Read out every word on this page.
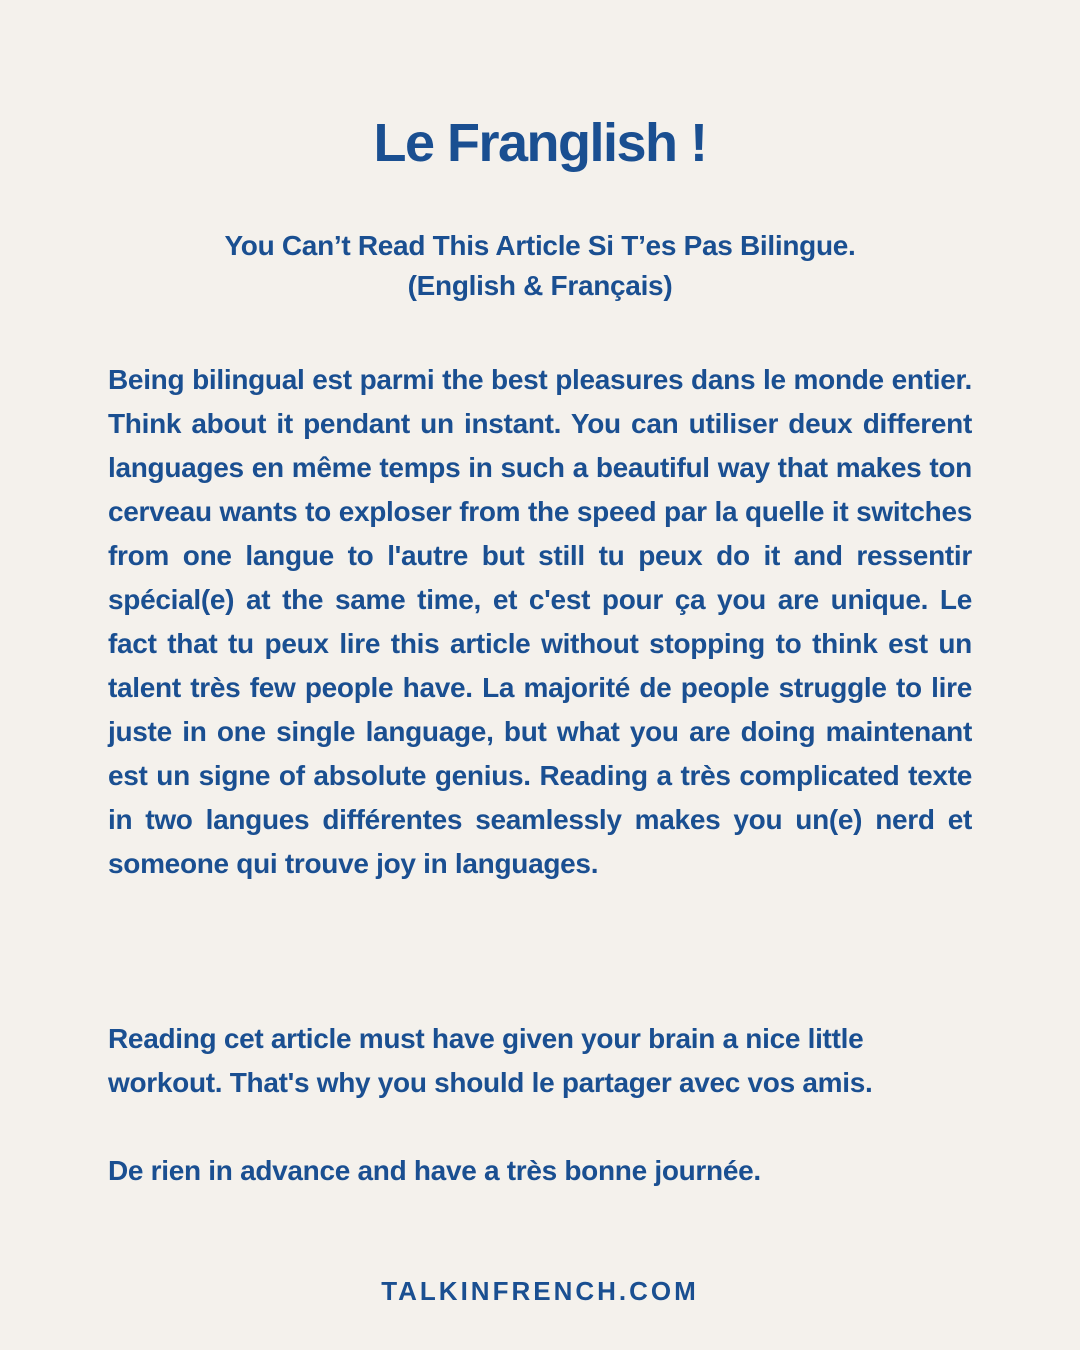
Le Franglish !
You Can’t Read This Article Si T’es Pas Bilingue.
(English & Français)

Being bilingual est parmi the best pleasures dans le monde entier. Think about it pendant un instant. You can utiliser deux different languages en même temps in such a beautiful way that makes ton cerveau wants to exploser from the speed par la quelle it switches from one langue to l'autre but still tu peux do it and ressentir spécial(e) at the same time, et c'est pour ça you are unique. Le fact that tu peux lire this article without stopping to think est un talent très few people have. La majorité de people struggle to lire juste in one single language, but what you are doing maintenant est un signe of absolute genius. Reading a très complicated texte in two langues différentes seamlessly makes you un(e) nerd et someone qui trouve joy in languages.

Reading cet article must have given your brain a nice little workout. That's why you should le partager avec vos amis.

De rien in advance and have a très bonne journée.

TALKINFRENCH.COM
